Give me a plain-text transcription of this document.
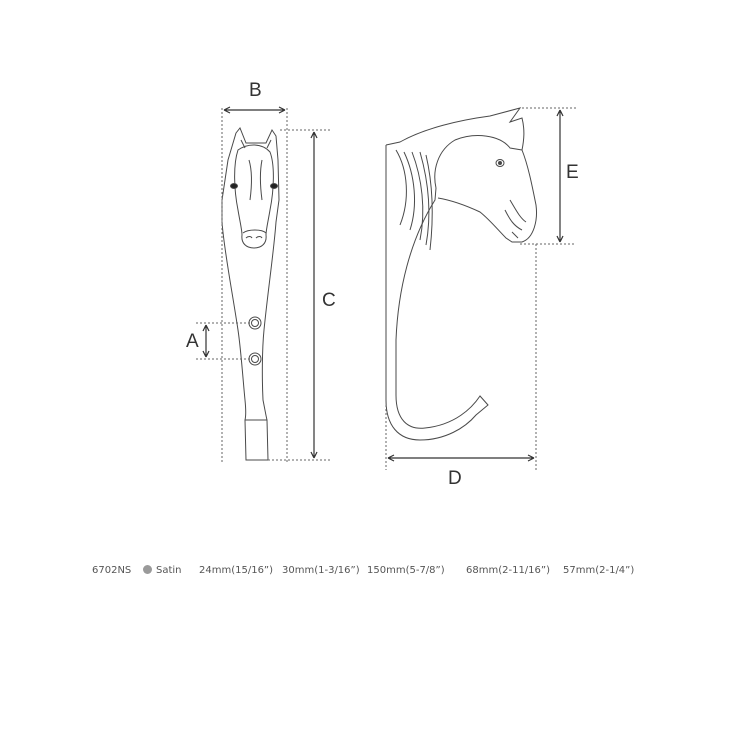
B
C
A
E
D
6702NS Satin 24mm(15/16”) 30mm(1-3/16”) 150mm(5-7/8”) 68mm(2-11/16”) 57mm(2-1/4”)
